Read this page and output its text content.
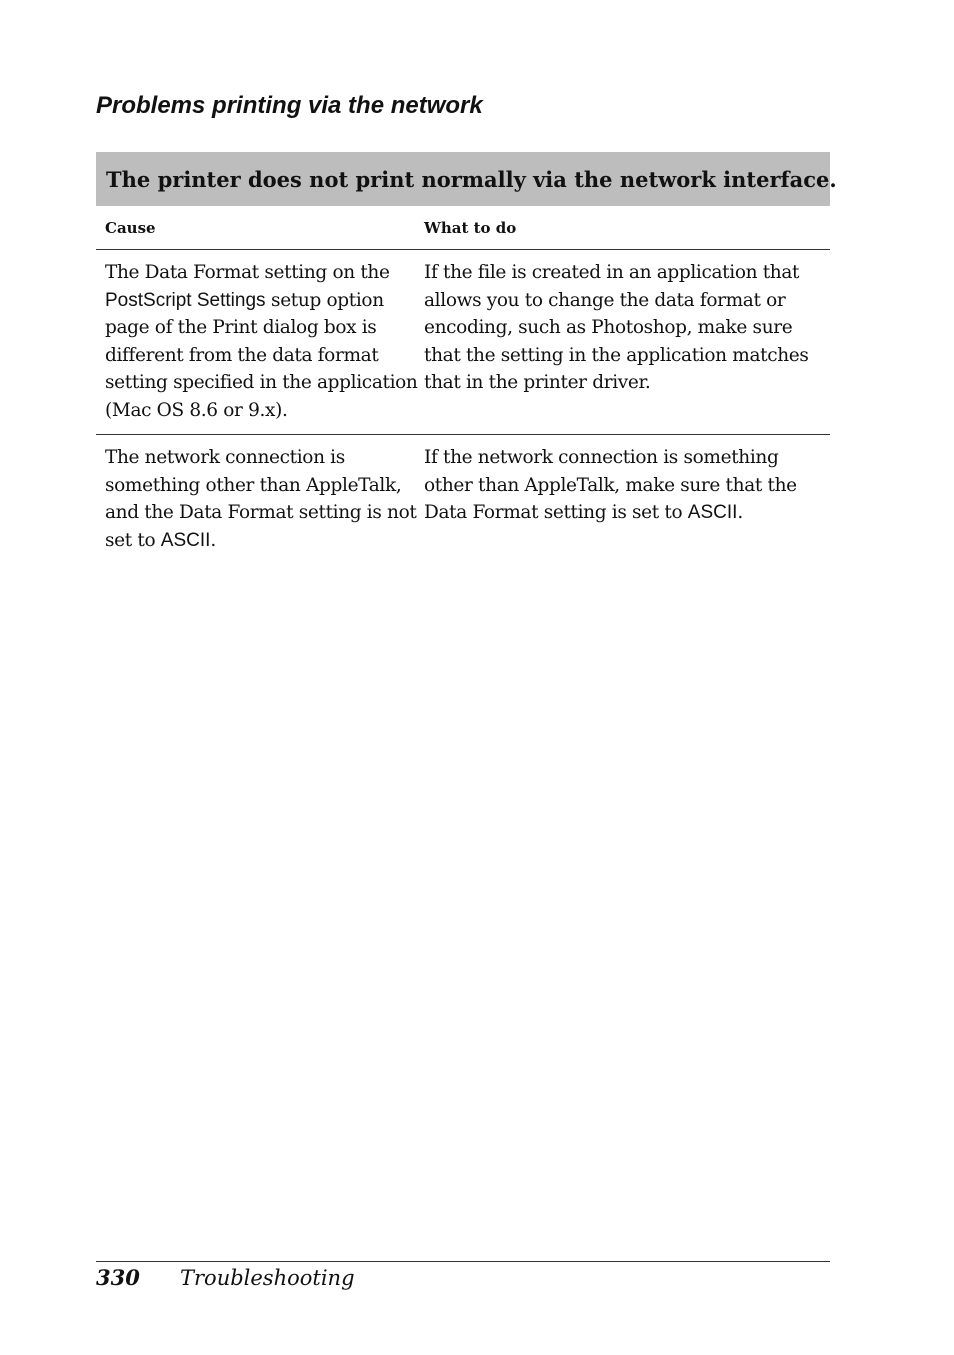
Problems printing via the network
The printer does not print normally via the network interface.
Cause	What to do
The Data Format setting on the PostScript Settings setup option page of the Print dialog box is different from the data format setting specified in the application (Mac OS 8.6 or 9.x).
If the file is created in an application that allows you to change the data format or encoding, such as Photoshop, make sure that the setting in the application matches that in the printer driver.
The network connection is something other than AppleTalk, and the Data Format setting is not set to ASCII.
If the network connection is something other than AppleTalk, make sure that the Data Format setting is set to ASCII.
330	Troubleshooting
